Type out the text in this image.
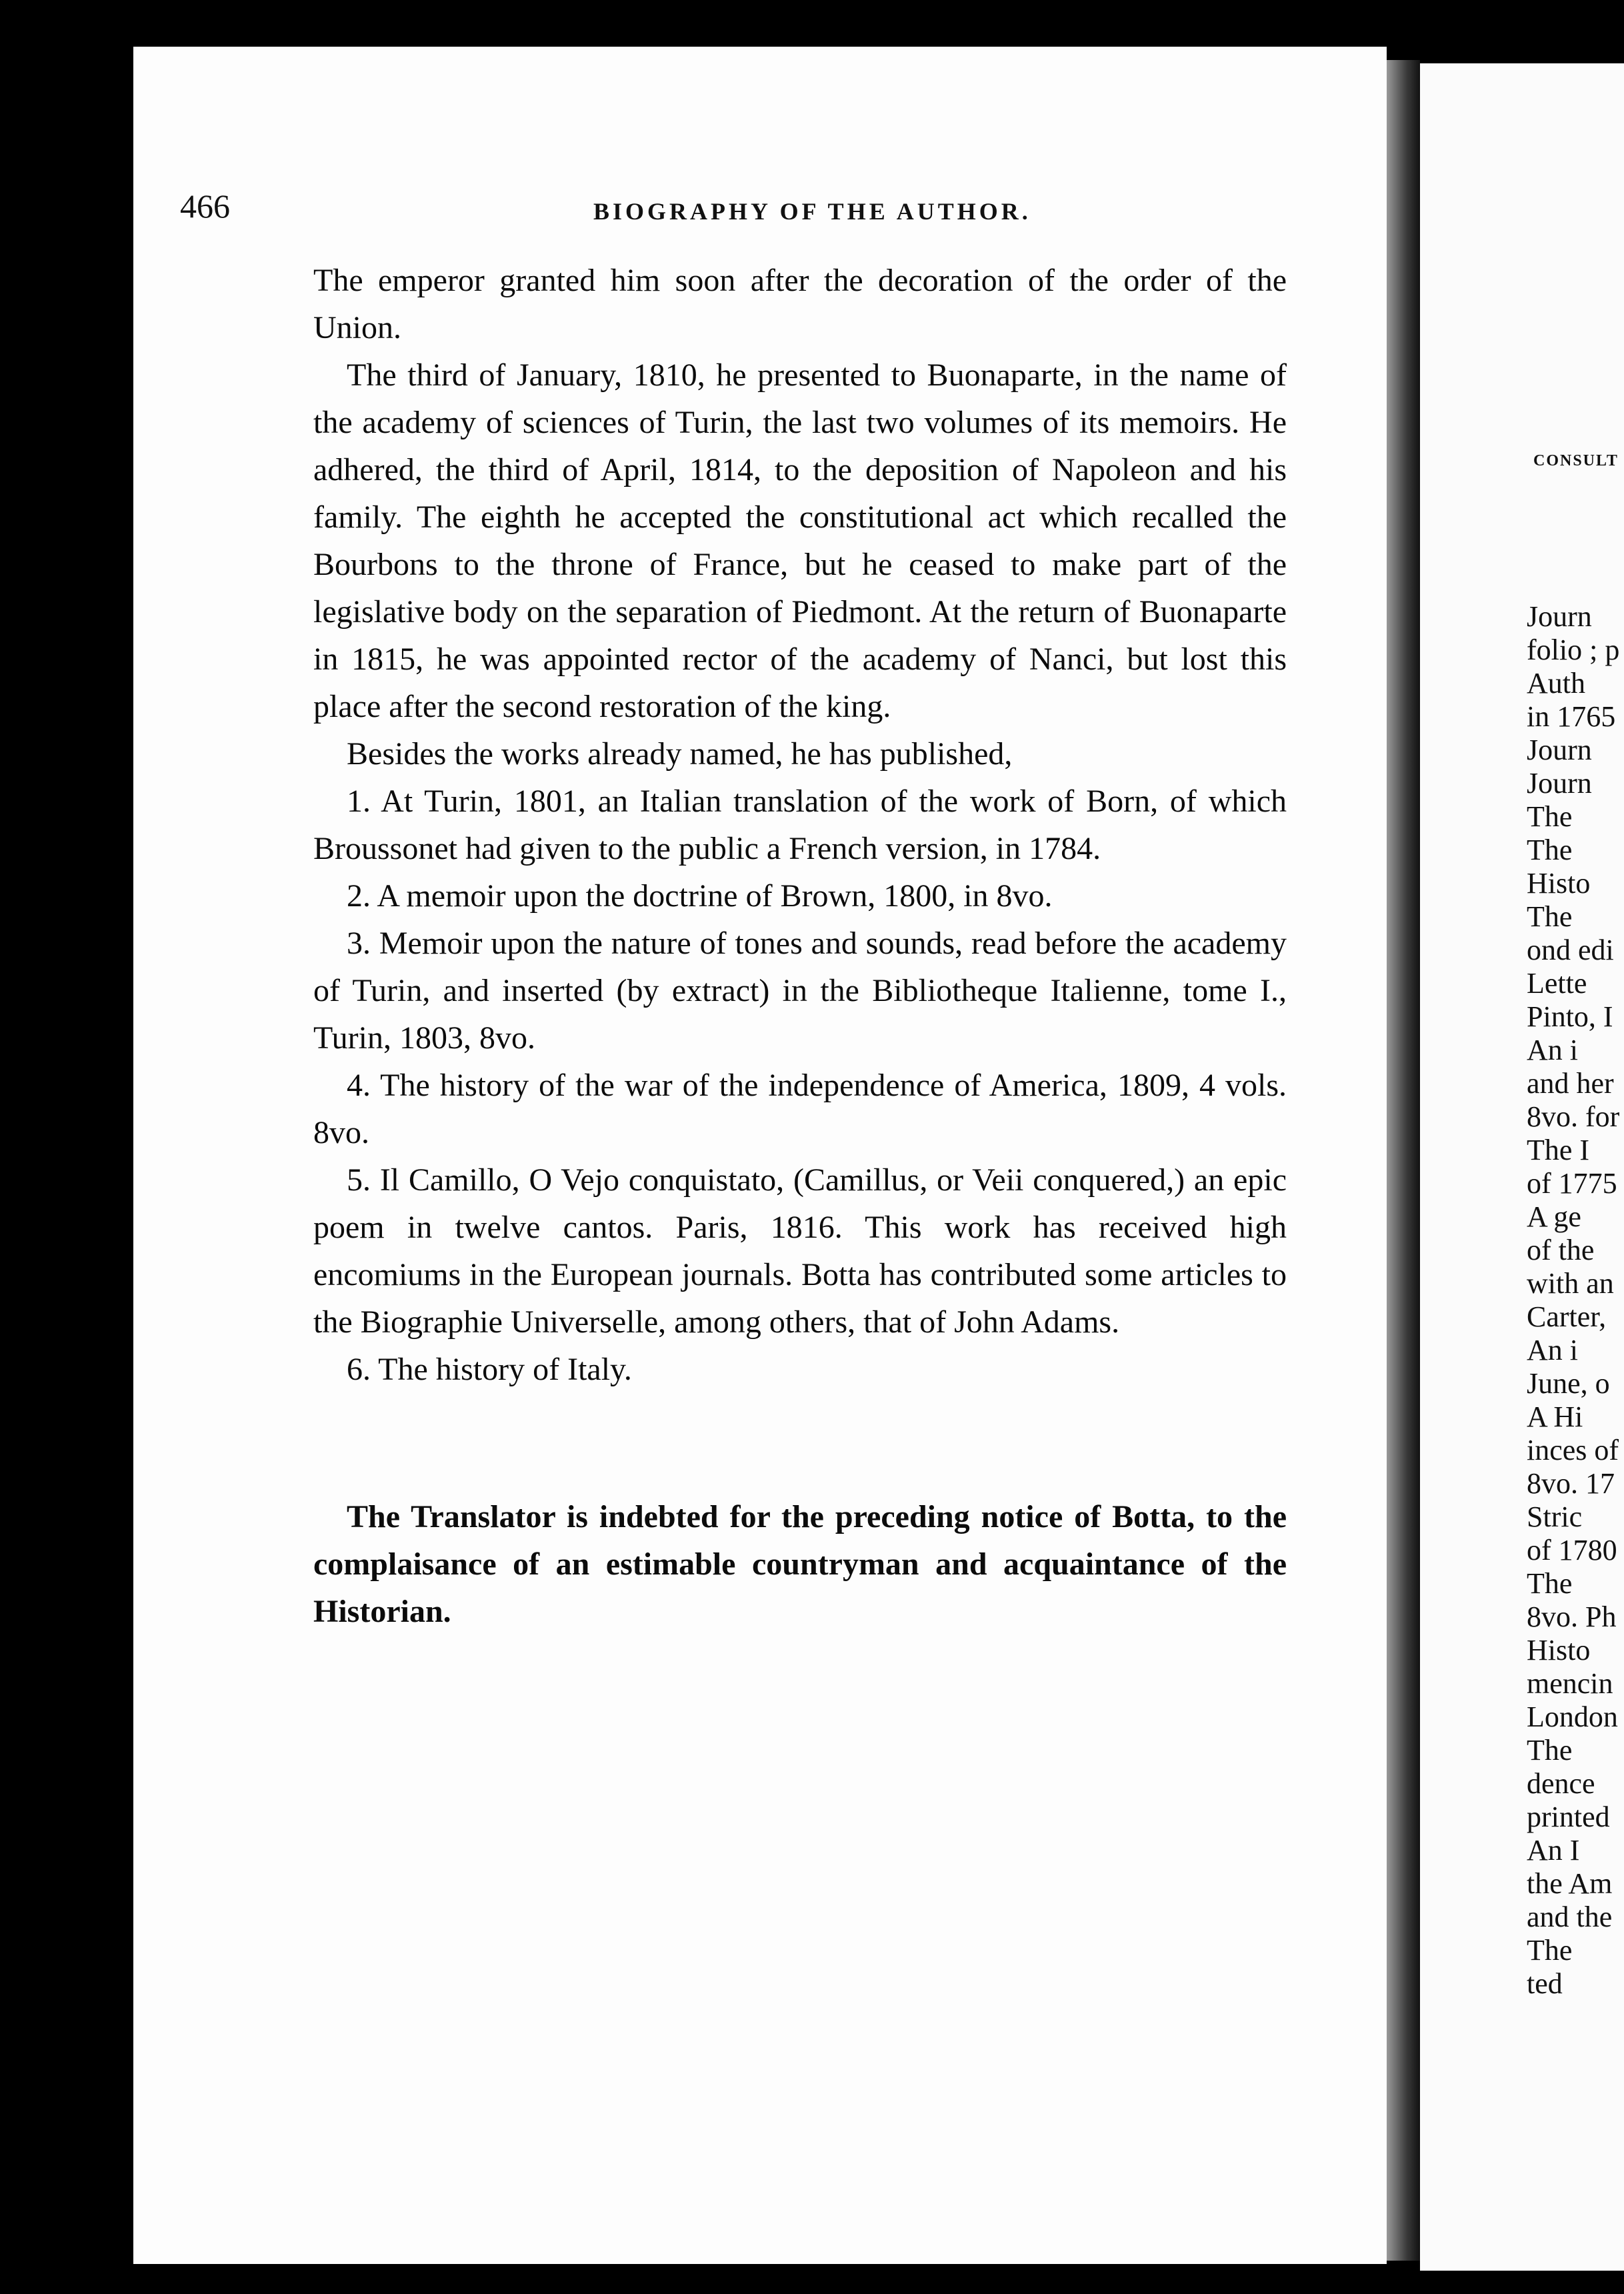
466	BIOGRAPHY OF THE AUTHOR.

The emperor granted him soon after the decoration of the order of the Union.

The third of January, 1810, he presented to Buonaparte, in the name of the academy of sciences of Turin, the last two volumes of its memoirs. He adhered, the third of April, 1814, to the deposition of Napoleon and his family. The eighth he accepted the constitutional act which recalled the Bourbons to the throne of France, but he ceased to make part of the legislative body on the separation of Piedmont. At the return of Buonaparte in 1815, he was appointed rector of the academy of Nanci, but lost this place after the second restoration of the king.

Besides the works already named, he has published,

1. At Turin, 1801, an Italian translation of the work of Born, of which Broussonet had given to the public a French version, in 1784.

2. A memoir upon the doctrine of Brown, 1800, in 8vo.

3. Memoir upon the nature of tones and sounds, read before the academy of Turin, and inserted (by extract) in the Bibliotheque Italienne, tome I., Turin, 1803, 8vo.

4. The history of the war of the independence of America, 1809, 4 vols. 8vo.

5. Il Camillo, O Vejo conquistato, (Camillus, or Veii conquered,) an epic poem in twelve cantos. Paris, 1816. This work has received high encomiums in the European journals. Botta has contributed some articles to the Biographie Universelle, among others, that of John Adams.

6. The history of Italy.

The Translator is indebted for the preceding notice of Botta, to the complaisance of an estimable countryman and acquaintance of the Historian.

CONSULT
Journ
folio ; p
Auth
in 1765
Journ
Journ
The
The
Histo
The
ond edi
Lette
Pinto, I
An i
and her
8vo. for
The I
of 1775
A ge
of the
with an
Carter,
An i
June, o
A Hi
inces of
8vo. 17
Stric
of 1780
The
8vo. Ph
Histo
mencin
London
The
dence
printed
An I
the Am
and the
The
ted
